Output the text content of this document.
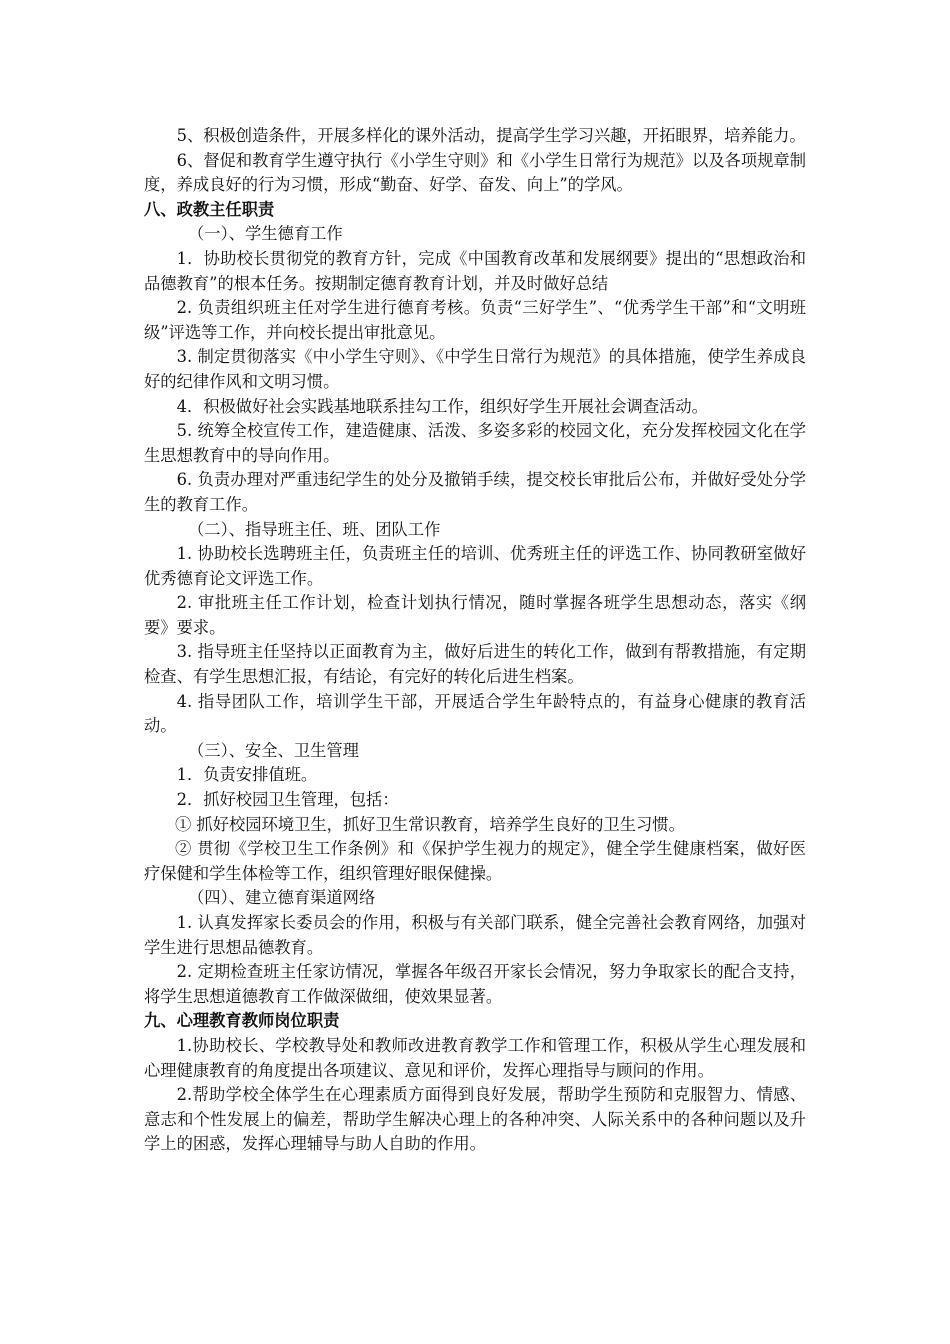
5、积极创造条件，开展多样化的课外活动，提高学生学习兴趣，开拓眼界，培养能力。

6、督促和教育学生遵守执行《小学生守则》和《小学生日常行为规范》以及各项规章制度，养成良好的行为习惯，形成“勤奋、好学、奋发、向上”的学风。

八、政教主任职责

（一）、学生德育工作

1．协助校长贯彻党的教育方针，完成《中国教育改革和发展纲要》提出的“思想政治和品德教育”的根本任务。按期制定德育教育计划，并及时做好总结

2. 负责组织班主任对学生进行德育考核。负责“三好学生”、“优秀学生干部”和“文明班级”评选等工作，并向校长提出审批意见。

3. 制定贯彻落实《中小学生守则》、《中学生日常行为规范》的具体措施，使学生养成良好的纪律作风和文明习惯。

4．积极做好社会实践基地联系挂勾工作，组织好学生开展社会调查活动。

5. 统筹全校宣传工作，建造健康、活泼、多姿多彩的校园文化，充分发挥校园文化在学生思想教育中的导向作用。

6. 负责办理对严重违纪学生的处分及撤销手续，提交校长审批后公布，并做好受处分学生的教育工作。

（二）、指导班主任、班、团队工作

1. 协助校长选聘班主任，负责班主任的培训、优秀班主任的评选工作、协同教研室做好优秀德育论文评选工作。

2. 审批班主任工作计划，检查计划执行情况，随时掌握各班学生思想动态，落实《纲要》要求。

3. 指导班主任坚持以正面教育为主，做好后进生的转化工作，做到有帮教措施，有定期检查、有学生思想汇报，有结论，有完好的转化后进生档案。

4. 指导团队工作，培训学生干部，开展适合学生年龄特点的，有益身心健康的教育活动。

（三）、安全、卫生管理

1．负责安排值班。

2．抓好校园卫生管理，包括：

① 抓好校园环境卫生，抓好卫生常识教育，培养学生良好的卫生习惯。

② 贯彻《学校卫生工作条例》和《保护学生视力的规定》，健全学生健康档案，做好医疗保健和学生体检等工作，组织管理好眼保健操。

（四）、建立德育渠道网络

1. 认真发挥家长委员会的作用，积极与有关部门联系，健全完善社会教育网络，加强对学生进行思想品德教育。

2. 定期检查班主任家访情况，掌握各年级召开家长会情况，努力争取家长的配合支持，将学生思想道德教育工作做深做细，使效果显著。

九、心理教育教师岗位职责

1.协助校长、学校教导处和教师改进教育教学工作和管理工作，积极从学生心理发展和心理健康教育的角度提出各项建议、意见和评价，发挥心理指导与顾问的作用。

2.帮助学校全体学生在心理素质方面得到良好发展，帮助学生预防和克服智力、情感、意志和个性发展上的偏差，帮助学生解决心理上的各种冲突、人际关系中的各种问题以及升学上的困惑，发挥心理辅导与助人自助的作用。
